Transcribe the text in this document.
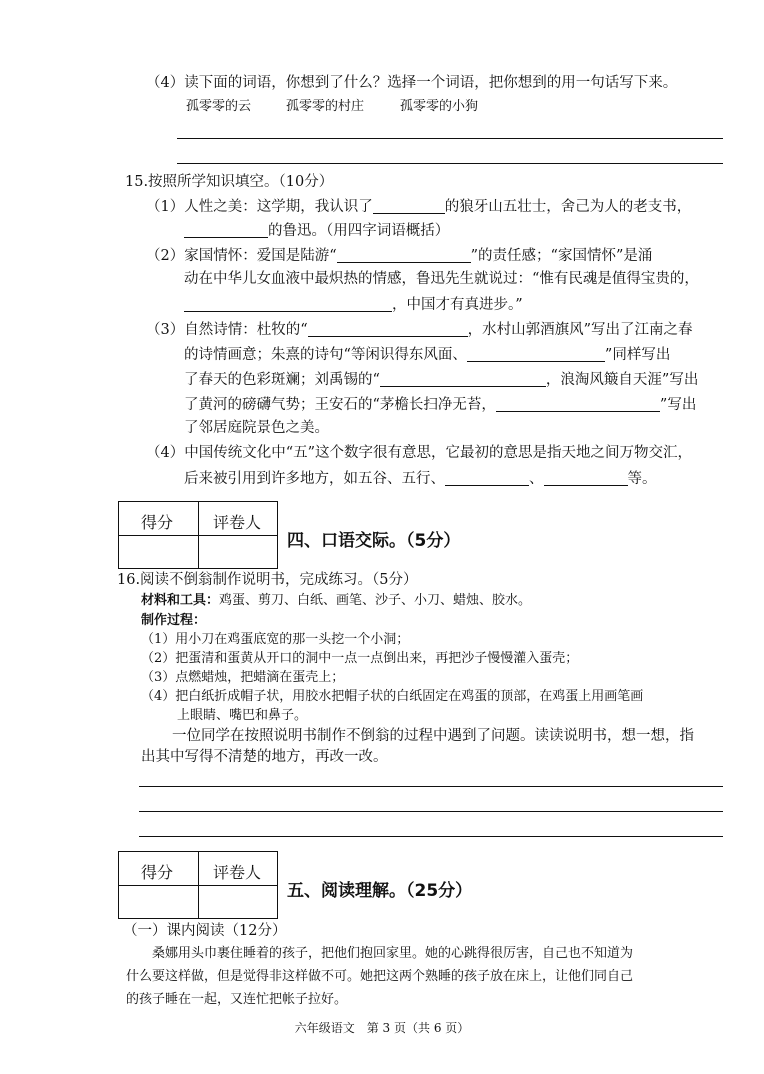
（4）读下面的词语，你想到了什么？选择一个词语，把你想到的用一句话写下来。
孤零零的云	孤零零的村庄	孤零零的小狗
15.按照所学知识填空。（10分）
（1）人性之美：这学期，我认识了	的狼牙山五壮士，舍己为人的老支书，
的鲁迅。（用四字词语概括）
（2）家国情怀：爱国是陆游“	”的责任感；“家国情怀”是涌
动在中华儿女血液中最炽热的情感，鲁迅先生就说过：“惟有民魂是值得宝贵的，
，中国才有真进步。”
（3）自然诗情：杜牧的“	，水村山郭酒旗风”写出了江南之春
的诗情画意；朱熹的诗句“等闲识得东风面、	”同样写出
了春天的色彩斑斓；刘禹锡的“	，浪淘风簸自天涯”写出
了黄河的磅礴气势；王安石的“茅檐长扫净无苔，	”写出
了邻居庭院景色之美。
（4）中国传统文化中“五”这个数字很有意思，它最初的意思是指天地之间万物交汇，
后来被引用到许多地方，如五谷、五行、	、	等。
得分 评卷人
四、口语交际。（5分）
16.阅读不倒翁制作说明书，完成练习。（5分）
材料和工具：鸡蛋、剪刀、白纸、画笔、沙子、小刀、蜡烛、胶水。
制作过程：
（1）用小刀在鸡蛋底宽的那一头挖一个小洞；
（2）把蛋清和蛋黄从开口的洞中一点一点倒出来，再把沙子慢慢灌入蛋壳；
（3）点燃蜡烛，把蜡滴在蛋壳上；
（4）把白纸折成帽子状，用胶水把帽子状的白纸固定在鸡蛋的顶部，在鸡蛋上用画笔画
上眼睛、嘴巴和鼻子。
一位同学在按照说明书制作不倒翁的过程中遇到了问题。读读说明书，想一想，指
出其中写得不清楚的地方，再改一改。
得分 评卷人
五、阅读理解。（25分）
（一）课内阅读（12分）
桑娜用头巾裹住睡着的孩子，把他们抱回家里。她的心跳得很厉害，自己也不知道为
什么要这样做，但是觉得非这样做不可。她把这两个熟睡的孩子放在床上，让他们同自己
的孩子睡在一起，又连忙把帐子拉好。
六年级语文　第 3 页（共 6 页）
